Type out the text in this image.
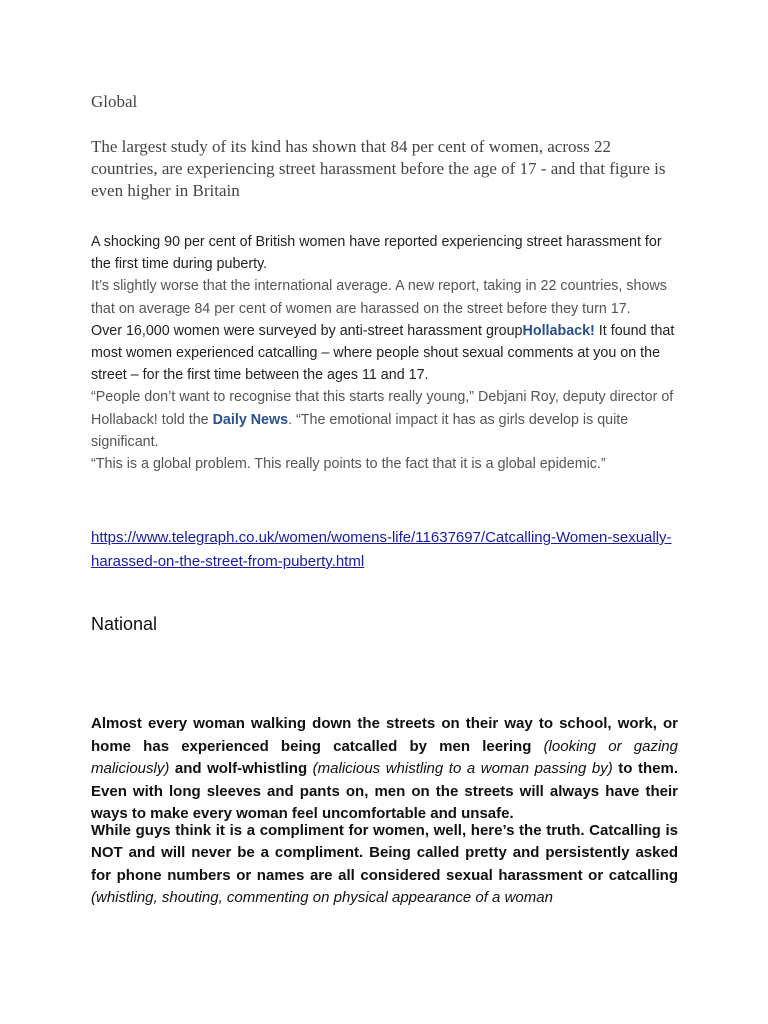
Global
The largest study of its kind has shown that 84 per cent of women, across 22 countries, are experiencing street harassment before the age of 17 - and that figure is even higher in Britain

A shocking 90 per cent of British women have reported experiencing street harassment for the first time during puberty.

It’s slightly worse that the international average. A new report, taking in 22 countries, shows that on average 84 per cent of women are harassed on the street before they turn 17.

Over 16,000 women were surveyed by anti-street harassment groupHollaback! It found that most women experienced catcalling – where people shout sexual comments at you on the street – for the first time between the ages 11 and 17.

“People don’t want to recognise that this starts really young,” Debjani Roy, deputy director of Hollaback! told the Daily News. “The emotional impact it has as girls develop is quite significant.

“This is a global problem. This really points to the fact that it is a global epidemic.”

https://www.telegraph.co.uk/women/womens-life/11637697/Catcalling-Women-sexually-harassed-on-the-street-from-puberty.html
National

Almost every woman walking down the streets on their way to school, work, or home has experienced being catcalled by men leering (looking or gazing maliciously) and wolf-whistling (malicious whistling to a woman passing by) to them. Even with long sleeves and pants on, men on the streets will always have their ways to make every woman feel uncomfortable and unsafe.

While guys think it is a compliment for women, well, here’s the truth. Catcalling is NOT and will never be a compliment. Being called pretty and persistently asked for phone numbers or names are all considered sexual harassment or catcalling (whistling, shouting, commenting on physical appearance of a woman
